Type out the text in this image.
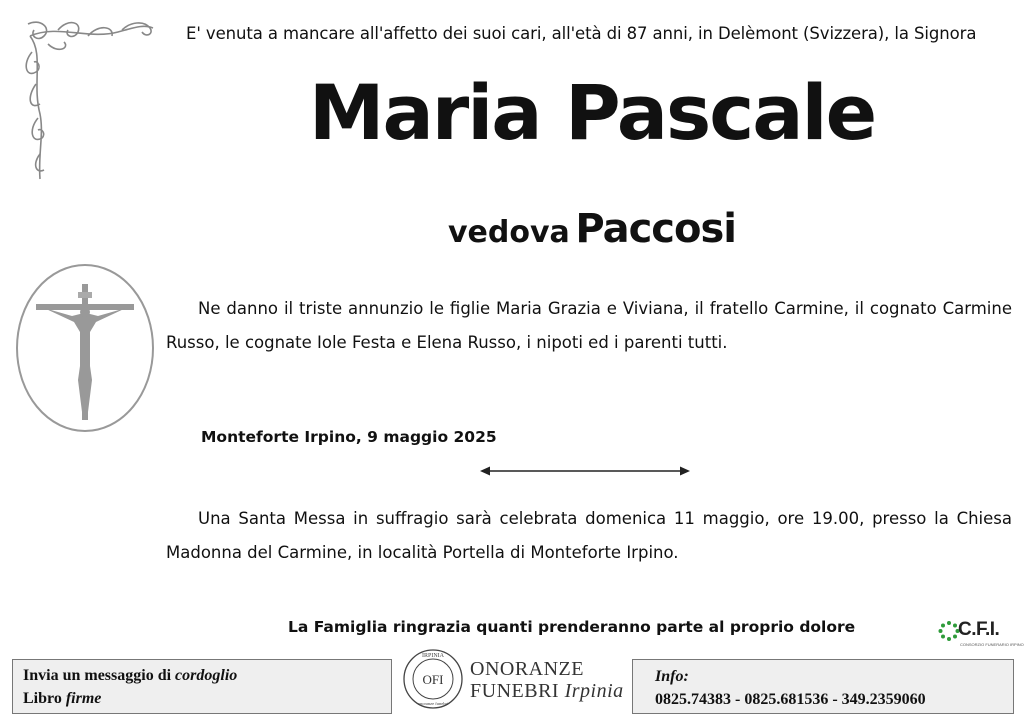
E' venuta a mancare all'affetto dei suoi cari, all'età di 87 anni, in Delèmont (Svizzera), la Signora
Maria Pascale
vedova Paccosi
Ne danno il triste annunzio le figlie Maria Grazia e Viviana, il fratello Carmine, il cognato Carmine Russo, le cognate Iole Festa e Elena Russo, i nipoti ed i parenti tutti.
Monteforte Irpino, 9 maggio 2025
Una Santa Messa in suffragio sarà celebrata domenica 11 maggio, ore 19.00, presso la Chiesa Madonna del Carmine, in località Portella di Monteforte Irpino.
La Famiglia ringrazia quanti prenderanno parte al proprio dolore	C.F.I.
CONSORZIO FUNERARIO IRPINO
Invia un messaggio di cordoglio
Libro firme
IRPINIA
OFI
onoranze funebri
ONORANZE
FUNEBRI Irpinia
Info:
0825.74383 - 0825.681536 - 349.2359060
